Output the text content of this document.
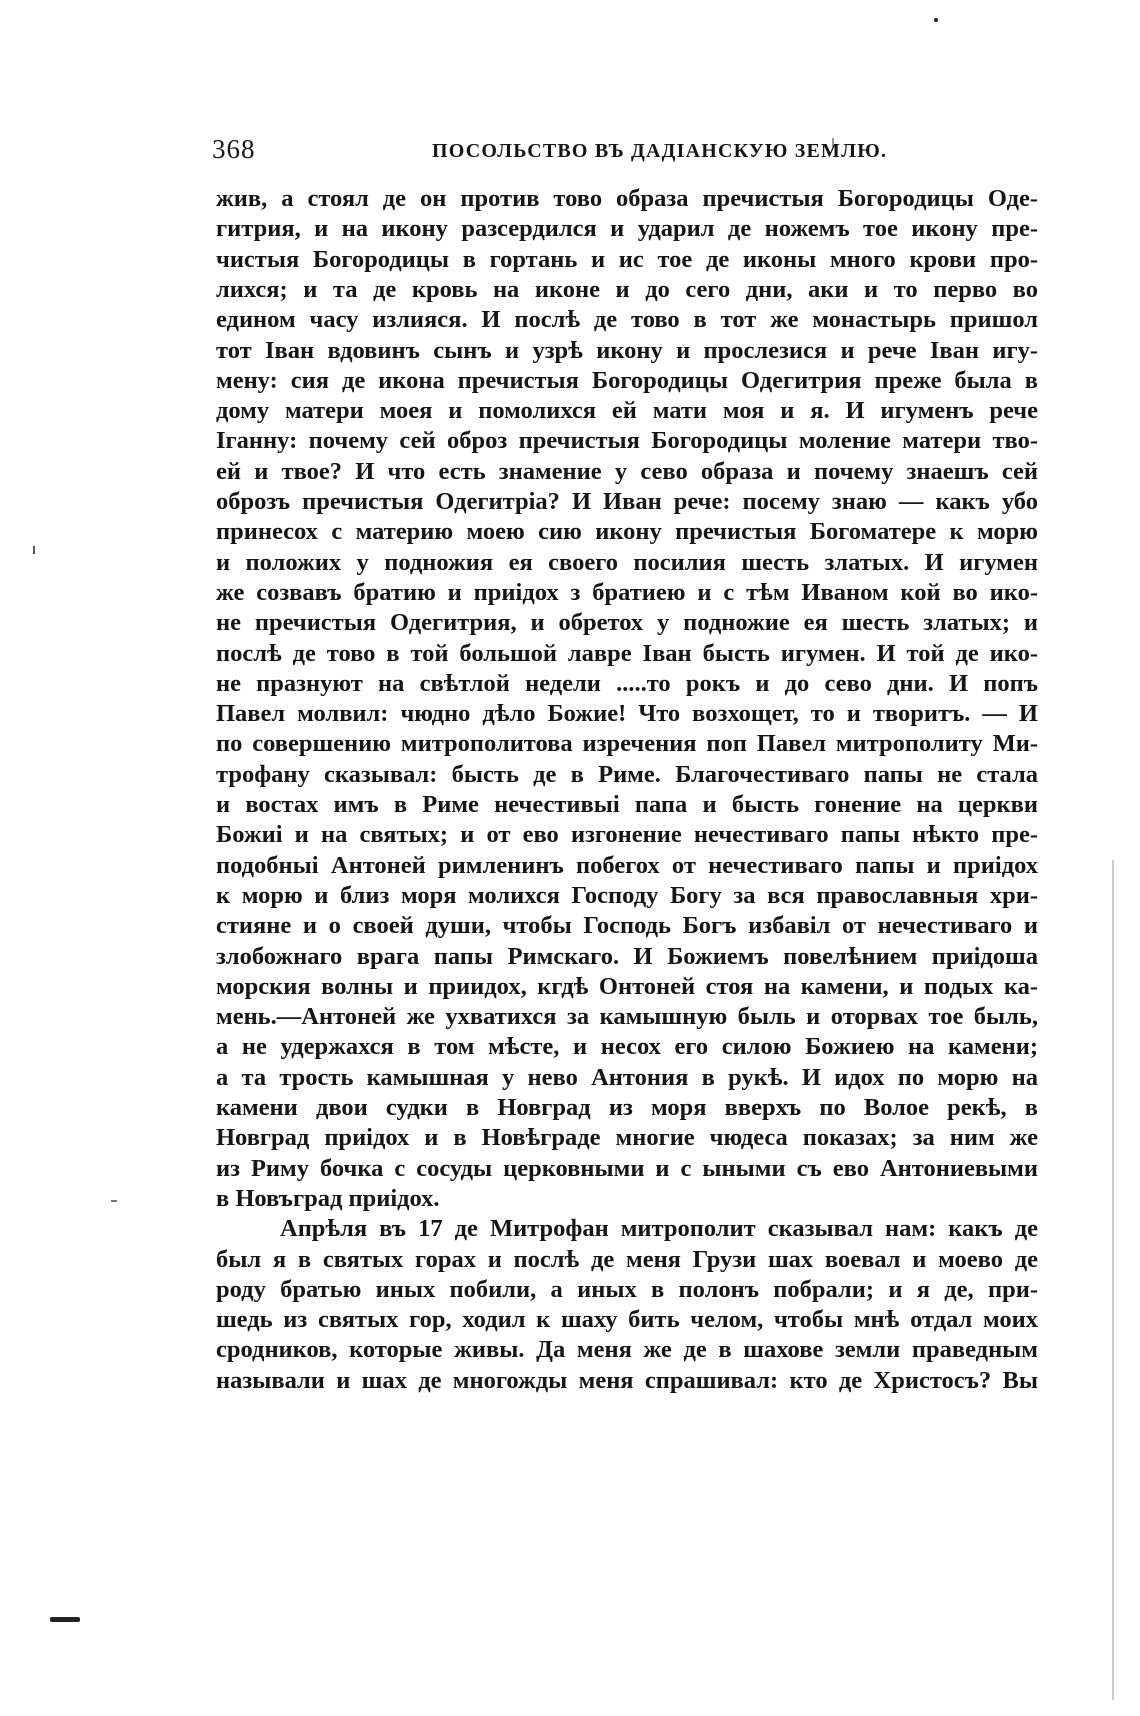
368	ПОСОЛЬСТВО ВЪ ДАДІАНСКУЮ ЗЕМЛЮ.
жив, а стоял де он против тово образа пречистыя Богородицы Оде-
гитрия, и на икону разсердился и ударил де ножемъ тое икону пре-
чистыя Богородицы в гортань и ис тое де иконы много крови про-
лихся; и та де кровь на иконе и до сего дни, аки и то перво во
едином часу излияся. И послѣ де тово в тот же монастырь пришол
тот Іван вдовинъ сынъ и узрѣ икону и прослезися и рече Іван игу-
мену: сия де икона пречистыя Богородицы Одегитрия преже была в
дому матери моея и помолихся ей мати моя и я. И игуменъ рече
Іганну: почему сей оброз пречистыя Богородицы моление матери тво-
ей и твое? И что есть знамение у сево образа и почему знаешъ сей
оброзъ пречистыя Одегитріа? И Иван рече: посему знаю — какъ убо
принесох с материю моею сию икону пречистыя Богоматере к морю
и положих у подножия ея своего посилия шесть златых. И игумен
же созвавъ братию и приідох з братиею и с тѣм Иваном кой во ико-
не пречистыя Одегитрия, и обретох у подножие ея шесть златых; и
послѣ де тово в той большой лавре Іван бысть игумен. И той де ико-
не празнуют на свѣтлой недели .....то рокъ и до сево дни. И попъ
Павел молвил: чюдно дѣло Божие! Что возхощет, то и творитъ. — И
по совершению митрополитова изречения поп Павел митрополиту Ми-
трофану сказывал: бысть де в Риме. Благочестиваго папы не стала
и востах имъ в Риме нечестивыі папа и бысть гонение на церкви
Божиі и на святых; и от ево изгонение нечестиваго папы нѣкто пре-
подобныі Антоней римленинъ побегох от нечестиваго папы и приідох
к морю и близ моря молихся Господу Богу за вся православныя хри-
стияне и о своей души, чтобы Господь Богъ избавіл от нечестиваго и
злобожнаго врага папы Римскаго. И Божиемъ повелѣнием приідоша
морския волны и приидох, кгдѣ Онтоней стоя на камени, и подых ка-
мень.—Антоней же ухватихся за камышную быль и оторвах тое быль,
а не удержахся в том мѣсте, и несох его силою Божиею на камени;
а та трость камышная у нево Антония в рукѣ. И идох по морю на
камени двои судки в Новград из моря вверхъ по Волое рекѣ, в
Новград приідох и в Новѣграде многие чюдеса показах; за ним же
из Риму бочка с сосуды церковными и с ыными съ ево Антониевыми
в Новъград приідох.
Апрѣля въ 17 де Митрофан митрополит сказывал нам: какъ де
был я в святых горах и послѣ де меня Грузи шах воевал и моево де
роду братью иных побили, а иных в полонъ побрали; и я де, при-
шедь из святых гор, ходил к шаху бить челом, чтобы мнѣ отдал моих
сродников, которые живы. Да меня же де в шахове земли праведным
называли и шах де многожды меня спрашивал: кто де Христосъ? Вы
